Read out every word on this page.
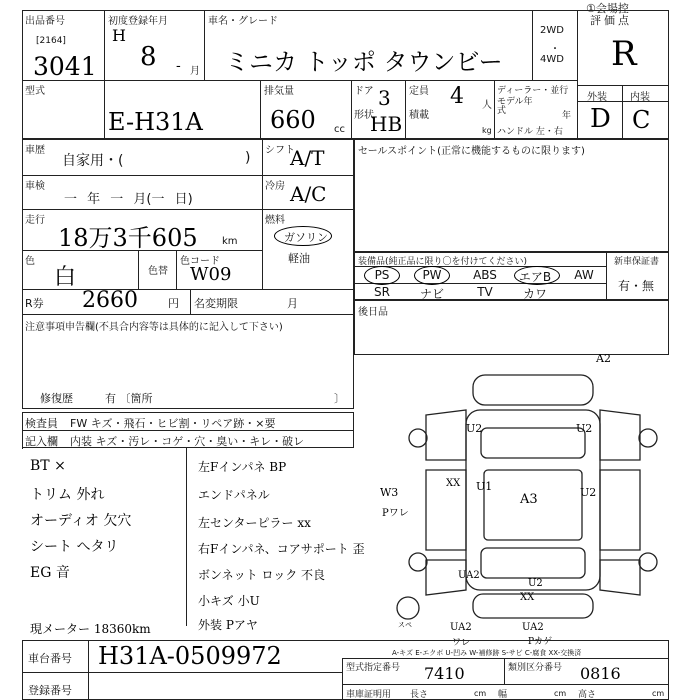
①会場控
出品番号
[2164]
3041
初度登録年月
H
8 - 月
車名・グレード
ミニカ トッポ タウンビー
2WD
・
4WD
評価点
R
型式
E-H31A
排気量
660 cc
ドア 3
形状
HB
定員 4 人
積載
kg
ディーラー・並行
モデル年式	年
ハンドル 左・右
外装 内装
D C
車歴
自家用・(	)
車検
一 年 一 月(一 日)
走行
18万3千605 km
色
白	色替
色コード
W09
R券 2660	円 名変期限	月
注意事項申告欄(不具合内容等は具体的に記入して下さい)
修復歴	有 〔箇所	〕
シフト
A/T
冷房 A/C
燃料
ガソリン
軽油
セールスポイント(正常に機能するものに限ります)
装備品(純正品に限り〇を付けてください)	新車保証書
有・無
PS	PW	ABS	エアB	AW
SR	ナビ	TV	カワ
後日品
検査員 FW キズ・飛石・ヒビ割・リペア跡・×要
記入欄 内装 キズ・汚レ・コゲ・穴・臭い・キレ・破レ
BT ×
トリム 外れ
オーディオ 欠穴
シート へタリ
EG 音
左Fインパネ BP
エンドパネル
左センターピラー xx
右Fインパネ、コアサポート 歪
ボンネット ロック 不良
小キズ 小U
外装 Pアヤ
現メーター 18360km
A2
U2	U2
W3
Pワレ
U1
A3	U2
XX
UA2
U2
XX
UA2
ワレ
UA2
Pカゲ
スペ
A-キズ E-エクボ U-凹み W-補修跡 S-サビ C-腐食 XX-交換済
車台番号 H31A-0509972
登録番号
型式指定番号 7410	類別区分番号 0816
車庫証明用 長さ	cm 幅	cm 高さ	cm
